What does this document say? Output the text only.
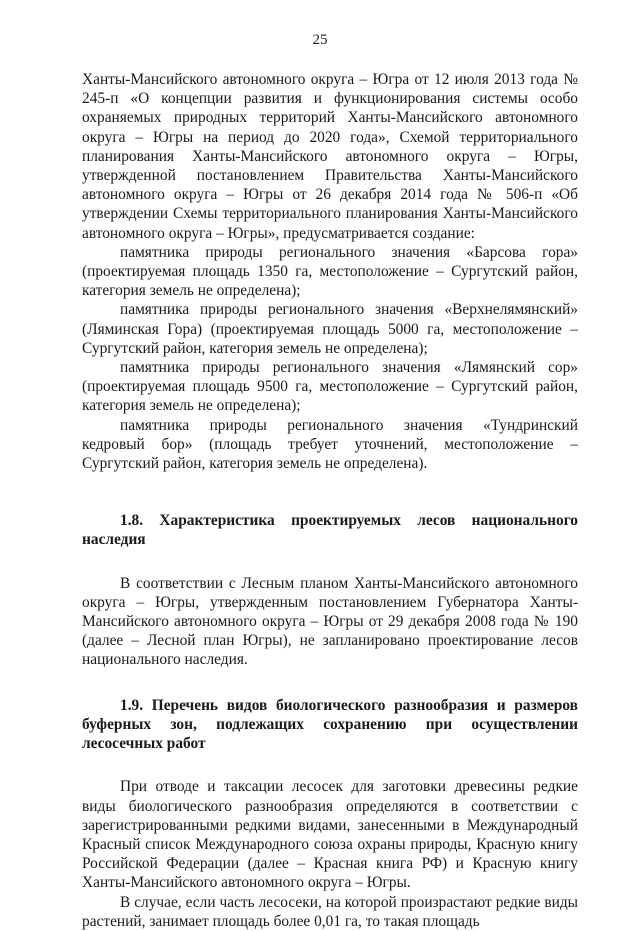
25

Ханты-Мансийского автономного округа – Югра от 12 июля 2013 года № 245-п «О концепции развития и функционирования системы особо охраняемых природных территорий Ханты-Мансийского автономного округа – Югры на период до 2020 года», Схемой территориального планирования Ханты-Мансийского автономного округа – Югры, утвержденной постановлением Правительства Ханты-Мансийского автономного округа – Югры от 26 декабря 2014 года № 506-п «Об утверждении Схемы территориального планирования Ханты-Мансийского автономного округа – Югры», предусматривается создание:

памятника природы регионального значения «Барсова гора» (проектируемая площадь 1350 га, местоположение – Сургутский район, категория земель не определена);

памятника природы регионального значения «Верхнелямянский» (Ляминская Гора) (проектируемая площадь 5000 га, местоположение – Сургутский район, категория земель не определена);

памятника природы регионального значения «Лямянский сор» (проектируемая площадь 9500 га, местоположение – Сургутский район, категория земель не определена);

памятника природы регионального значения «Тундринский кедровый бор» (площадь требует уточнений, местоположение – Сургутский район, категория земель не определена).

1.8. Характеристика проектируемых лесов национального наследия

В соответствии с Лесным планом Ханты-Мансийского автономного округа – Югры, утвержденным постановлением Губернатора Ханты-Мансийского автономного округа – Югры от 29 декабря 2008 года № 190 (далее – Лесной план Югры), не запланировано проектирование лесов национального наследия.

1.9. Перечень видов биологического разнообразия и размеров буферных зон, подлежащих сохранению при осуществлении лесосечных работ

При отводе и таксации лесосек для заготовки древесины редкие виды биологического разнообразия определяются в соответствии с зарегистрированными редкими видами, занесенными в Международный Красный список Международного союза охраны природы, Красную книгу Российской Федерации (далее – Красная книга РФ) и Красную книгу Ханты-Мансийского автономного округа – Югры.

В случае, если часть лесосеки, на которой произрастают редкие виды растений, занимает площадь более 0,01 га, то такая площадь
